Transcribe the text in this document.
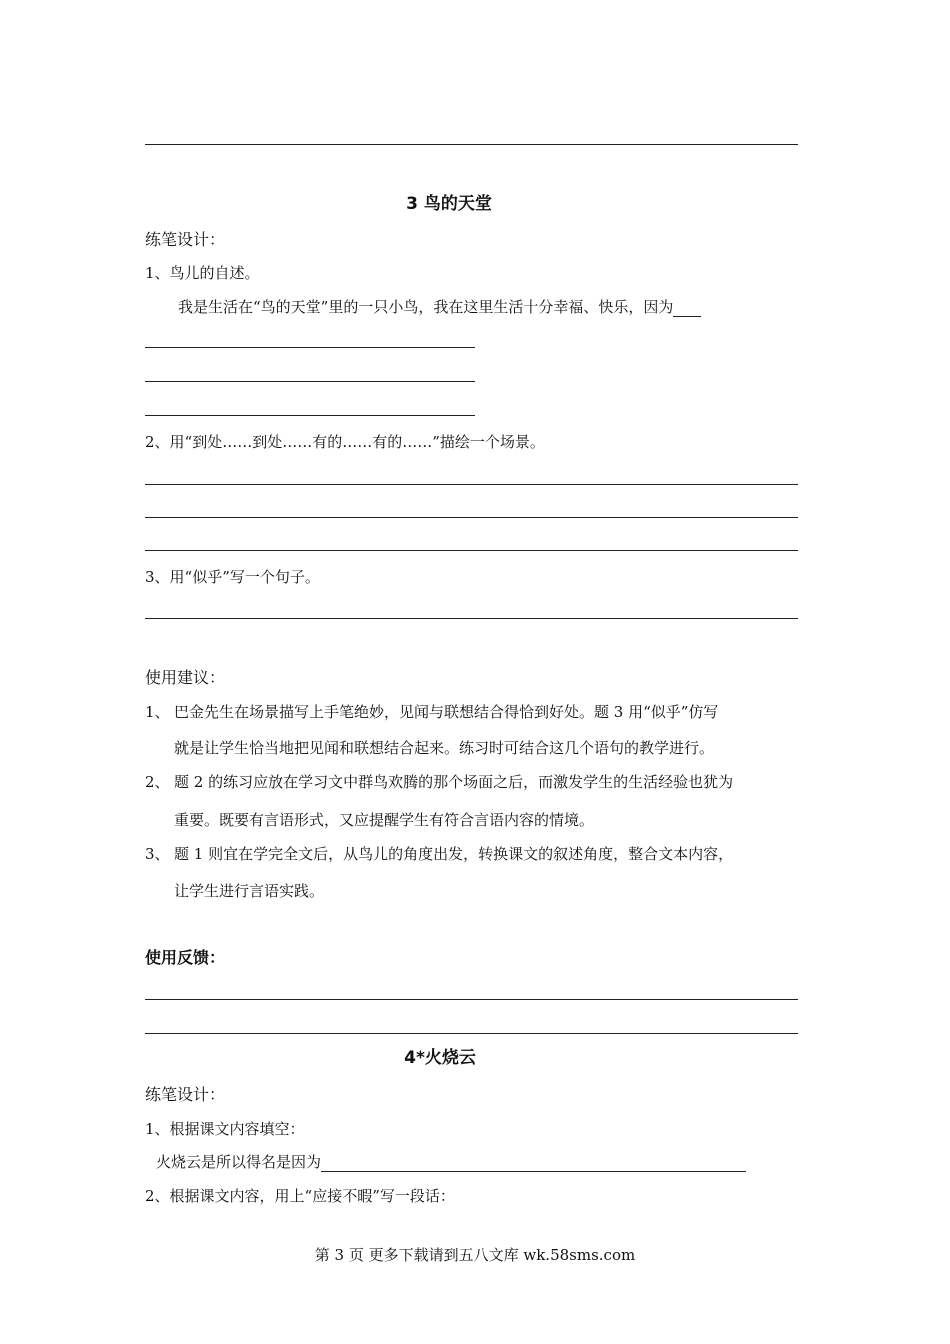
3 鸟的天堂
练笔设计：
1、鸟儿的自述。
我是生活在“鸟的天堂”里的一只小鸟，我在这里生活十分幸福、快乐，因为
2、用“到处……到处……有的……有的……”描绘一个场景。
3、用“似乎”写一个句子。
使用建议：
1、 巴金先生在场景描写上手笔绝妙，见闻与联想结合得恰到好处。题 3 用“似乎”仿写
就是让学生恰当地把见闻和联想结合起来。练习时可结合这几个语句的教学进行。
2、 题 2 的练习应放在学习文中群鸟欢腾的那个场面之后，而激发学生的生活经验也犹为
重要。既要有言语形式，又应提醒学生有符合言语内容的情境。
3、 题 1 则宜在学完全文后，从鸟儿的角度出发，转换课文的叙述角度，整合文本内容，
让学生进行言语实践。
使用反馈：
4*火烧云
练笔设计：
1、根据课文内容填空：
火烧云是所以得名是因为
2、根据课文内容，用上“应接不暇”写一段话：
第 3 页 更多下载请到五八文库 wk.58sms.com
